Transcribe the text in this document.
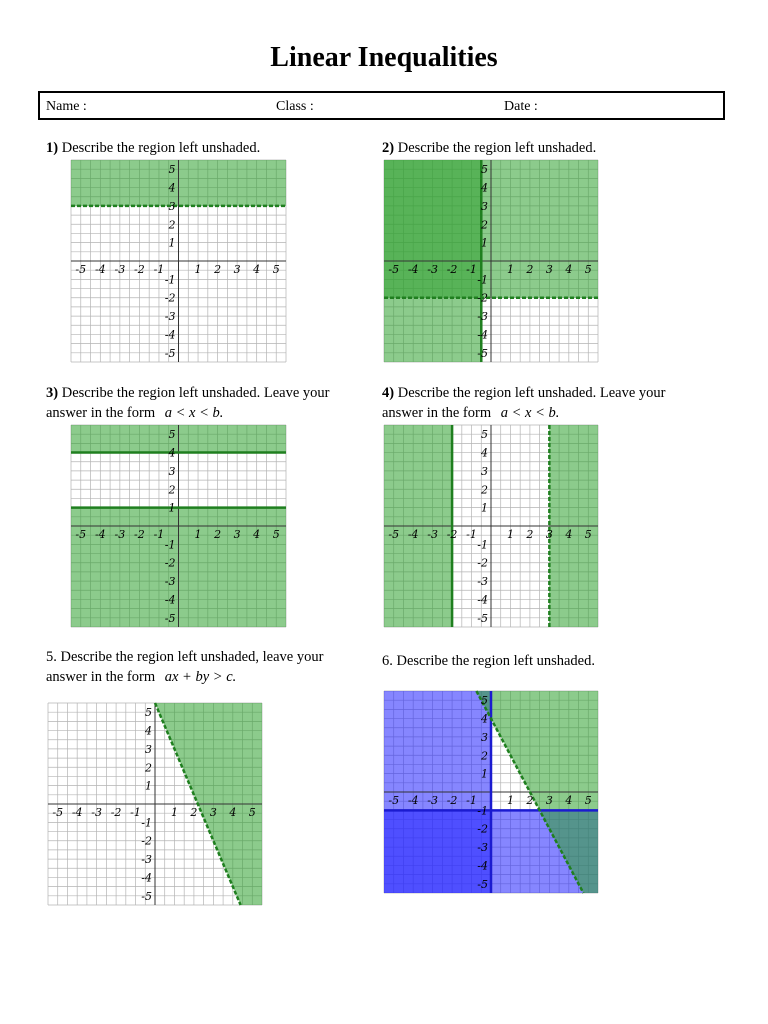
Linear Inequalities
Name :	Class :	Date :
1) Describe the region left unshaded.
-5 -4 -3 -2 -1	1 2 3 4 5
5
4
3
2
1
-1
-2
-3
-4
-5
2) Describe the region left unshaded.
-5 -4 -3 -2 -1	1 2 3 4 5
5
4
3
2
1
-1
-2
-3
-4
-5
3) Describe the region left unshaded. Leave your
answer in the form a < x < b.
-5 -4 -3 -2 -1	1 2 3 4 5
5
4
3
2
1
-1
-2
-3
-4
-5
4) Describe the region left unshaded. Leave your
answer in the form a < x < b.
-5 -4 -3 -2 -1	1 2 3 4 5
5
4
3
2
1
-1
-2
-3
-4
-5
5. Describe the region left unshaded, leave your
answer in the form ax + by > c.
-5 -4 -3 -2 -1	1 2 3 4 5
5
4
3
2
1
-1
-2
-3
-4
-5
6. Describe the region left unshaded.
-5 -4 -3 -2 -1	1 2 3 4 5
5
4
3
2
1
-1
-2
-3
-4
-5
